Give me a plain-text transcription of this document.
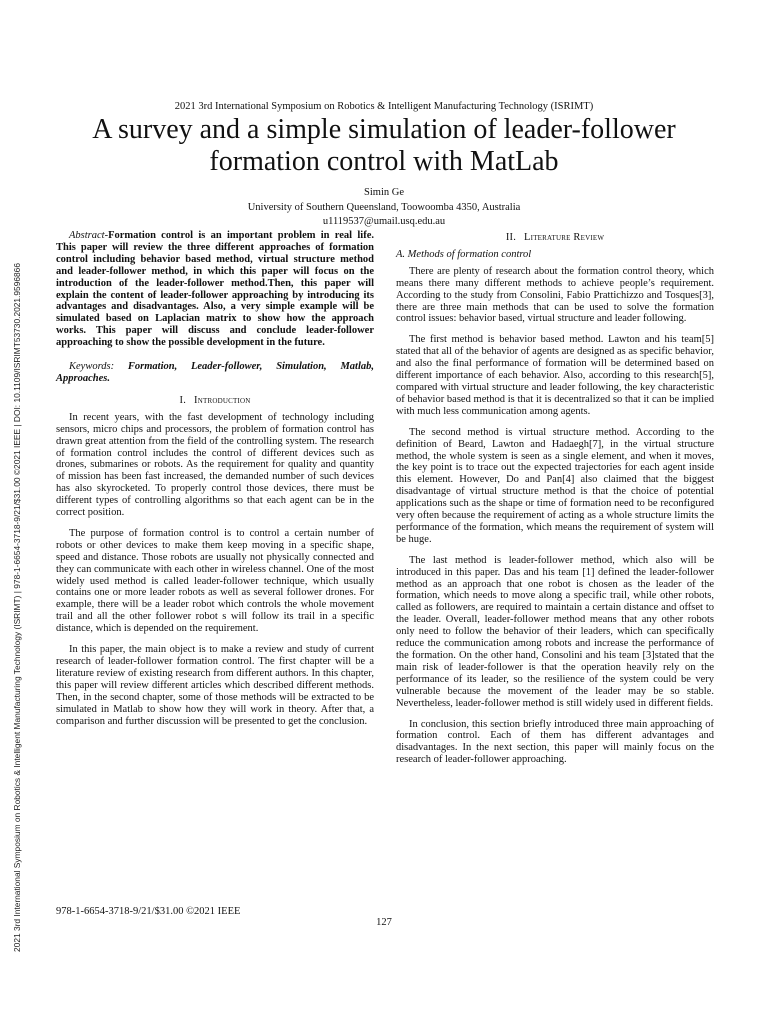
2021 3rd International Symposium on Robotics & Intelligent Manufacturing Technology (ISRIMT) | 978-1-6654-3718-9/21/$31.00 ©2021 IEEE | DOI: 10.1109/ISRIMT53730.2021.9596866
2021 3rd International Symposium on Robotics & Intelligent Manufacturing Technology (ISRIMT)
A survey and a simple simulation of leader-follower
formation control with MatLab
Simin Ge
University of Southern Queensland, Toowoomba 4350, Australia
u1119537@umail.usq.edu.au

Abstract-Formation control is an important problem in real life. This paper will review the three different approaches of formation control including behavior based method, virtual structure method and leader-follower method, in which this paper will focus on the introduction of the leader-follower method.Then, this paper will explain the content of leader-follower approaching by introducing its advantages and disadvantages. Also, a very simple example will be simulated based on Laplacian matrix to show how the approach works. This paper will discuss and conclude leader-follower approaching to show the possible development in the future.

Keywords: Formation, Leader-follower, Simulation, Matlab, Approaches.

I. Introduction

In recent years, with the fast development of technology including sensors, micro chips and processors, the problem of formation control has drawn great attention from the field of the controlling system. The research of formation control includes the control of different devices such as drones, submarines or robots. As the requirement for quality and quantity of mission has been fast increased, the demanded number of such devices has also skyrocketed. To properly control those devices, there must be different types of controlling algorithms so that each agent can be in the correct position.

The purpose of formation control is to control a certain number of robots or other devices to make them keep moving in a specific shape, speed and distance. Those robots are usually not physically connected and they can communicate with each other in wireless channel. One of the most widely used method is called leader-follower technique, which usually contains one or more leader robots as well as several follower drones. For example, there will be a leader robot which controls the whole movement trail and all the other follower robot s will follow its trail in a specific distance, which is depended on the requirement.

In this paper, the main object is to make a review and study of current research of leader-follower formation control. The first chapter will be a literature review of existing research from different authors. In this chapter, this paper will review different articles which described different methods. Then, in the second chapter, some of those methods will be extracted to be simulated in Matlab to show how they will work in theory. After that, a comparison and further discussion will be presented to get the conclusion.

II. Literature Review
A. Methods of formation control

There are plenty of research about the formation control theory, which means there many different methods to achieve people’s requirement. According to the study from Consolini, Fabio Prattichizzo and Tosques[3], there are three main methods that can be used to solve the formation control issues: behavior based, virtual structure and leader following.

The first method is behavior based method. Lawton and his team[5] stated that all of the behavior of agents are designed as as specific behavior, and also the final performance of formation will be determined based on different importance of each behavior. Also, according to this research[5], compared with virtual structure and leader following, the key characteristic of behavior based method is that it is decentralized so that it can be implied with much less communication among agents.

The second method is virtual structure method. According to the definition of Beard, Lawton and Hadaegh[7], in the virtual structure method, the whole system is seen as a single element, and when it moves, the key point is to trace out the expected trajectories for each agent inside this element. However, Do and Pan[4] also claimed that the biggest disadvantage of virtual structure method is that the choice of potential applications such as the shape or time of formation need to be reconfigured very often because the requirement of acting as a whole structure limits the performance of the formation, which means the requirement of system will be huge.

The last method is leader-follower method, which also will be introduced in this paper. Das and his team [1] defined the leader-follower method as an approach that one robot is chosen as the leader of the formation, which needs to move along a specific trail, while other robots, called as followers, are required to maintain a certain distance and offset to the leader. Overall, leader-follower method means that any other robots only need to follow the behavior of their leaders, which can specifically reduce the communication among robots and increase the performance of the formation. On the other hand, Consolini and his team [3]stated that the main risk of leader-follower is that the operation heavily rely on the performance of its leader, so the resilience of the system could be very vulnerable because the movement of the leader may be so stable. Nevertheless, leader-follower method is still widely used in different fields.

In conclusion, this section briefly introduced three main approaching of formation control. Each of them has different advantages and disadvantages. In the next section, this paper will mainly focus on the research of leader-follower approaching.

978-1-6654-3718-9/21/$31.00 ©2021 IEEE
127
